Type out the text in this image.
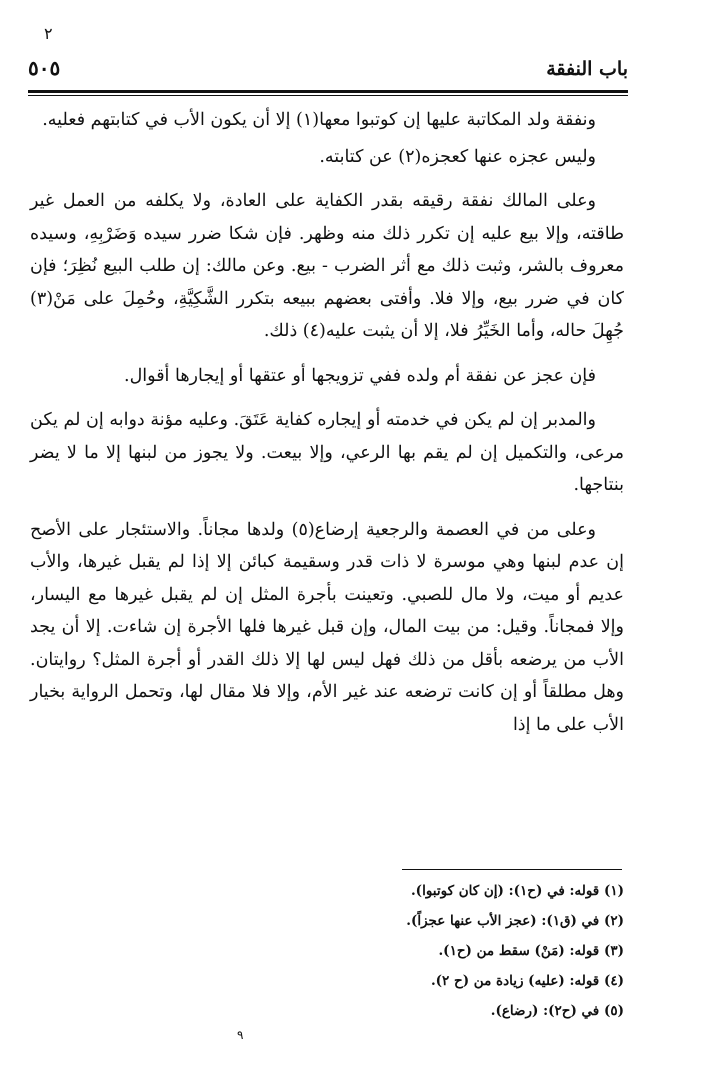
٢
باب النفقة
٥٠٥

ونفقة ولد المكاتبة عليها إن كوتبوا معها(١) إلا أن يكون الأب في كتابتهم فعليه.

وليس عجزه عنها كعجزه(٢) عن كتابته.

وعلى المالك نفقة رقيقه بقدر الكفاية على العادة، ولا يكلفه من العمل غير طاقته، وإلا بيع عليه إن تكرر ذلك منه وظهر. فإن شكا ضرر سيده وَضَرْبِهِ، وسيده معروف بالشر، وثبت ذلك مع أثر الضرب - بيع. وعن مالك: إن طلب البيع نُظِرَ؛ فإن كان في ضرر بيع، وإلا فلا. وأفتى بعضهم ببيعه بتكرر الشَّكِيَّةِ، وحُمِلَ على مَنْ(٣) جُهِلَ حاله، وأما الخَيِّرُ فلا، إلا أن يثبت عليه(٤) ذلك.

فإن عجز عن نفقة أم ولده ففي تزويجها أو عتقها أو إيجارها أقوال.

والمدبر إن لم يكن في خدمته أو إيجاره كفاية عَتَقَ. وعليه مؤنة دوابه إن لم يكن مرعى، والتكميل إن لم يقم بها الرعي، وإلا بيعت. ولا يجوز من لبنها إلا ما لا يضر بنتاجها.

وعلى من في العصمة والرجعية إرضاع(٥) ولدها مجاناً. والاستئجار على الأصح إن عدم لبنها وهي موسرة لا ذات قدر وسقيمة كبائن إلا إذا لم يقبل غيرها، والأب عديم أو ميت، ولا مال للصبي. وتعينت بأجرة المثل إن لم يقبل غيرها مع اليسار، وإلا فمجاناً. وقيل: من بيت المال، وإن قبل غيرها فلها الأجرة إن شاءت. إلا أن يجد الأب من يرضعه بأقل من ذلك فهل ليس لها إلا ذلك القدر أو أجرة المثل؟ روايتان. وهل مطلقاً أو إن كانت ترضعه عند غير الأم، وإلا فلا مقال لها، وتحمل الرواية بخيار الأب على ما إذا

(١) قوله: في (ح١): (إن كان كوتبوا).
(٢) في (ق١): (عجز الأب عنها عجزاً).
(٣) قوله: (مَنْ) سقط من (ح١).
(٤) قوله: (عليه) زيادة من (ح ٢).
(٥) في (ح٢): (رضاع).
٩
